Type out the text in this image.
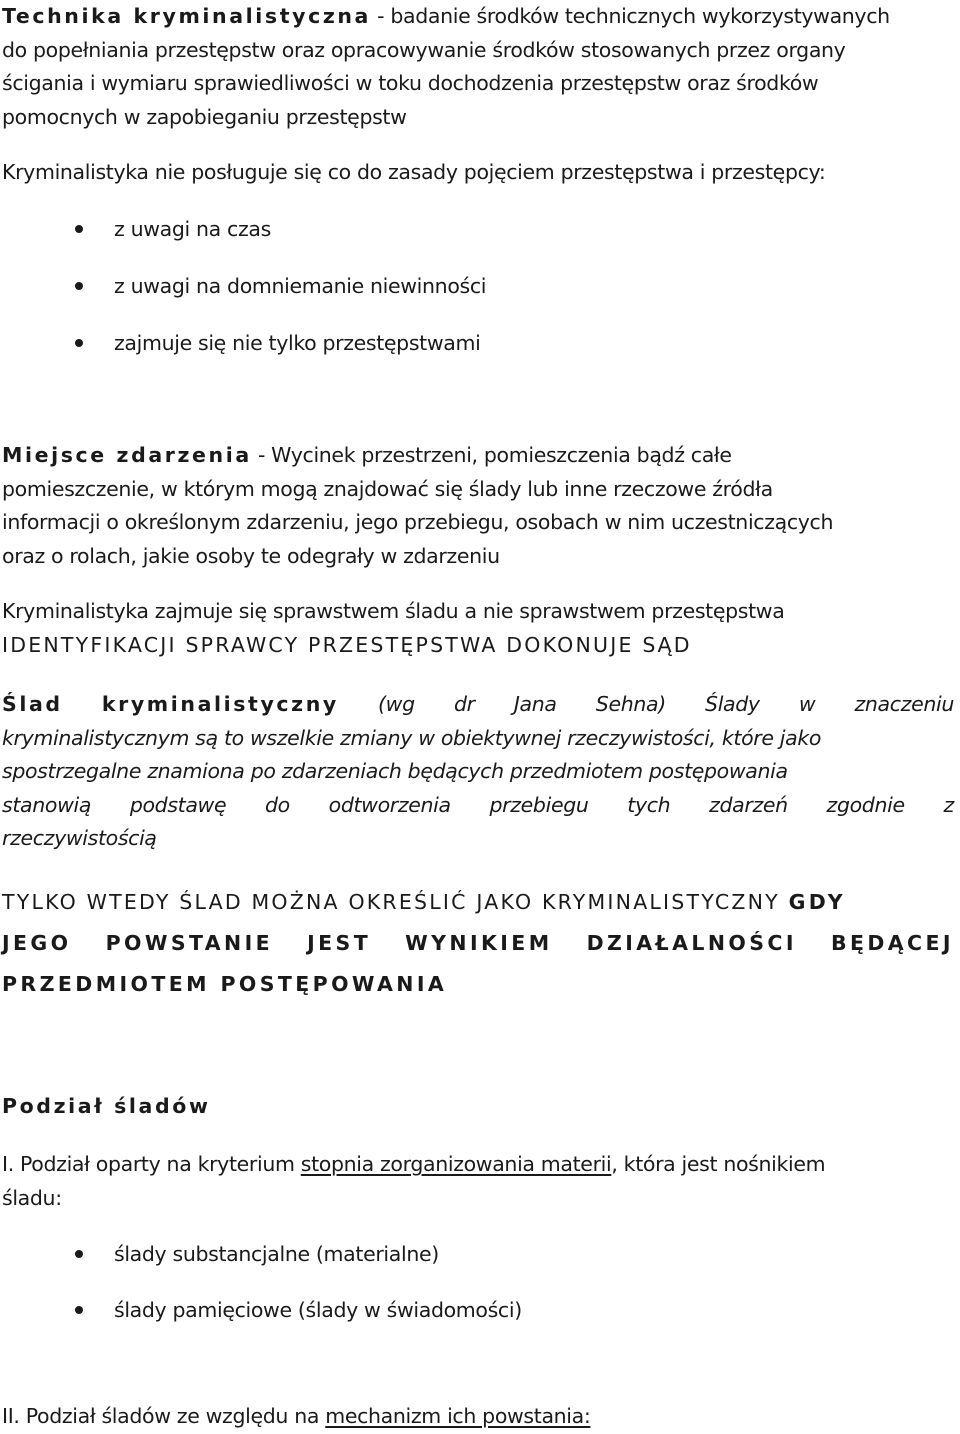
Technika kryminalistyczna - badanie środków technicznych wykorzystywanych

do popełniania przestępstw oraz opracowywanie środków stosowanych przez organy

ścigania i wymiaru sprawiedliwości w toku dochodzenia przestępstw oraz środków

pomocnych w zapobieganiu przestępstw

Kryminalistyka nie posługuje się co do zasady pojęciem przestępstwa i przestępcy:
z uwagi na czas
z uwagi na domniemanie niewinności
zajmuje się nie tylko przestępstwami

Miejsce zdarzenia - Wycinek przestrzeni, pomieszczenia bądź całe

pomieszczenie, w którym mogą znajdować się ślady lub inne rzeczowe źródła

informacji o określonym zdarzeniu, jego przebiegu, osobach w nim uczestniczących

oraz o rolach, jakie osoby te odegrały w zdarzeniu

Kryminalistyka zajmuje się sprawstwem śladu a nie sprawstwem przestępstwa

IDENTYFIKACJI SPRAWCY PRZESTĘPSTWA DOKONUJE SĄD

Ślad kryminalistyczny (wg dr Jana Sehna) Ślady w znaczeniu

kryminalistycznym są to wszelkie zmiany w obiektywnej rzeczywistości, które jako

spostrzegalne znamiona po zdarzeniach będących przedmiotem postępowania

stanowią podstawę do odtworzenia przebiegu tych zdarzeń zgodnie z

rzeczywistością

TYLKO WTEDY ŚLAD MOŻNA OKREŚLIĆ JAKO KRYMINALISTYCZNY GDY

JEGO POWSTANIE JEST WYNIKIEM DZIAŁALNOŚCI BĘDĄCEJ

PRZEDMIOTEM POSTĘPOWANIA

Podział śladów

I. Podział oparty na kryterium stopnia zorganizowania materii, która jest nośnikiem

śladu:

ślady substancjalne (materialne)
ślady pamięciowe (ślady w świadomości)
II. Podział śladów ze względu na mechanizm ich powstania:
